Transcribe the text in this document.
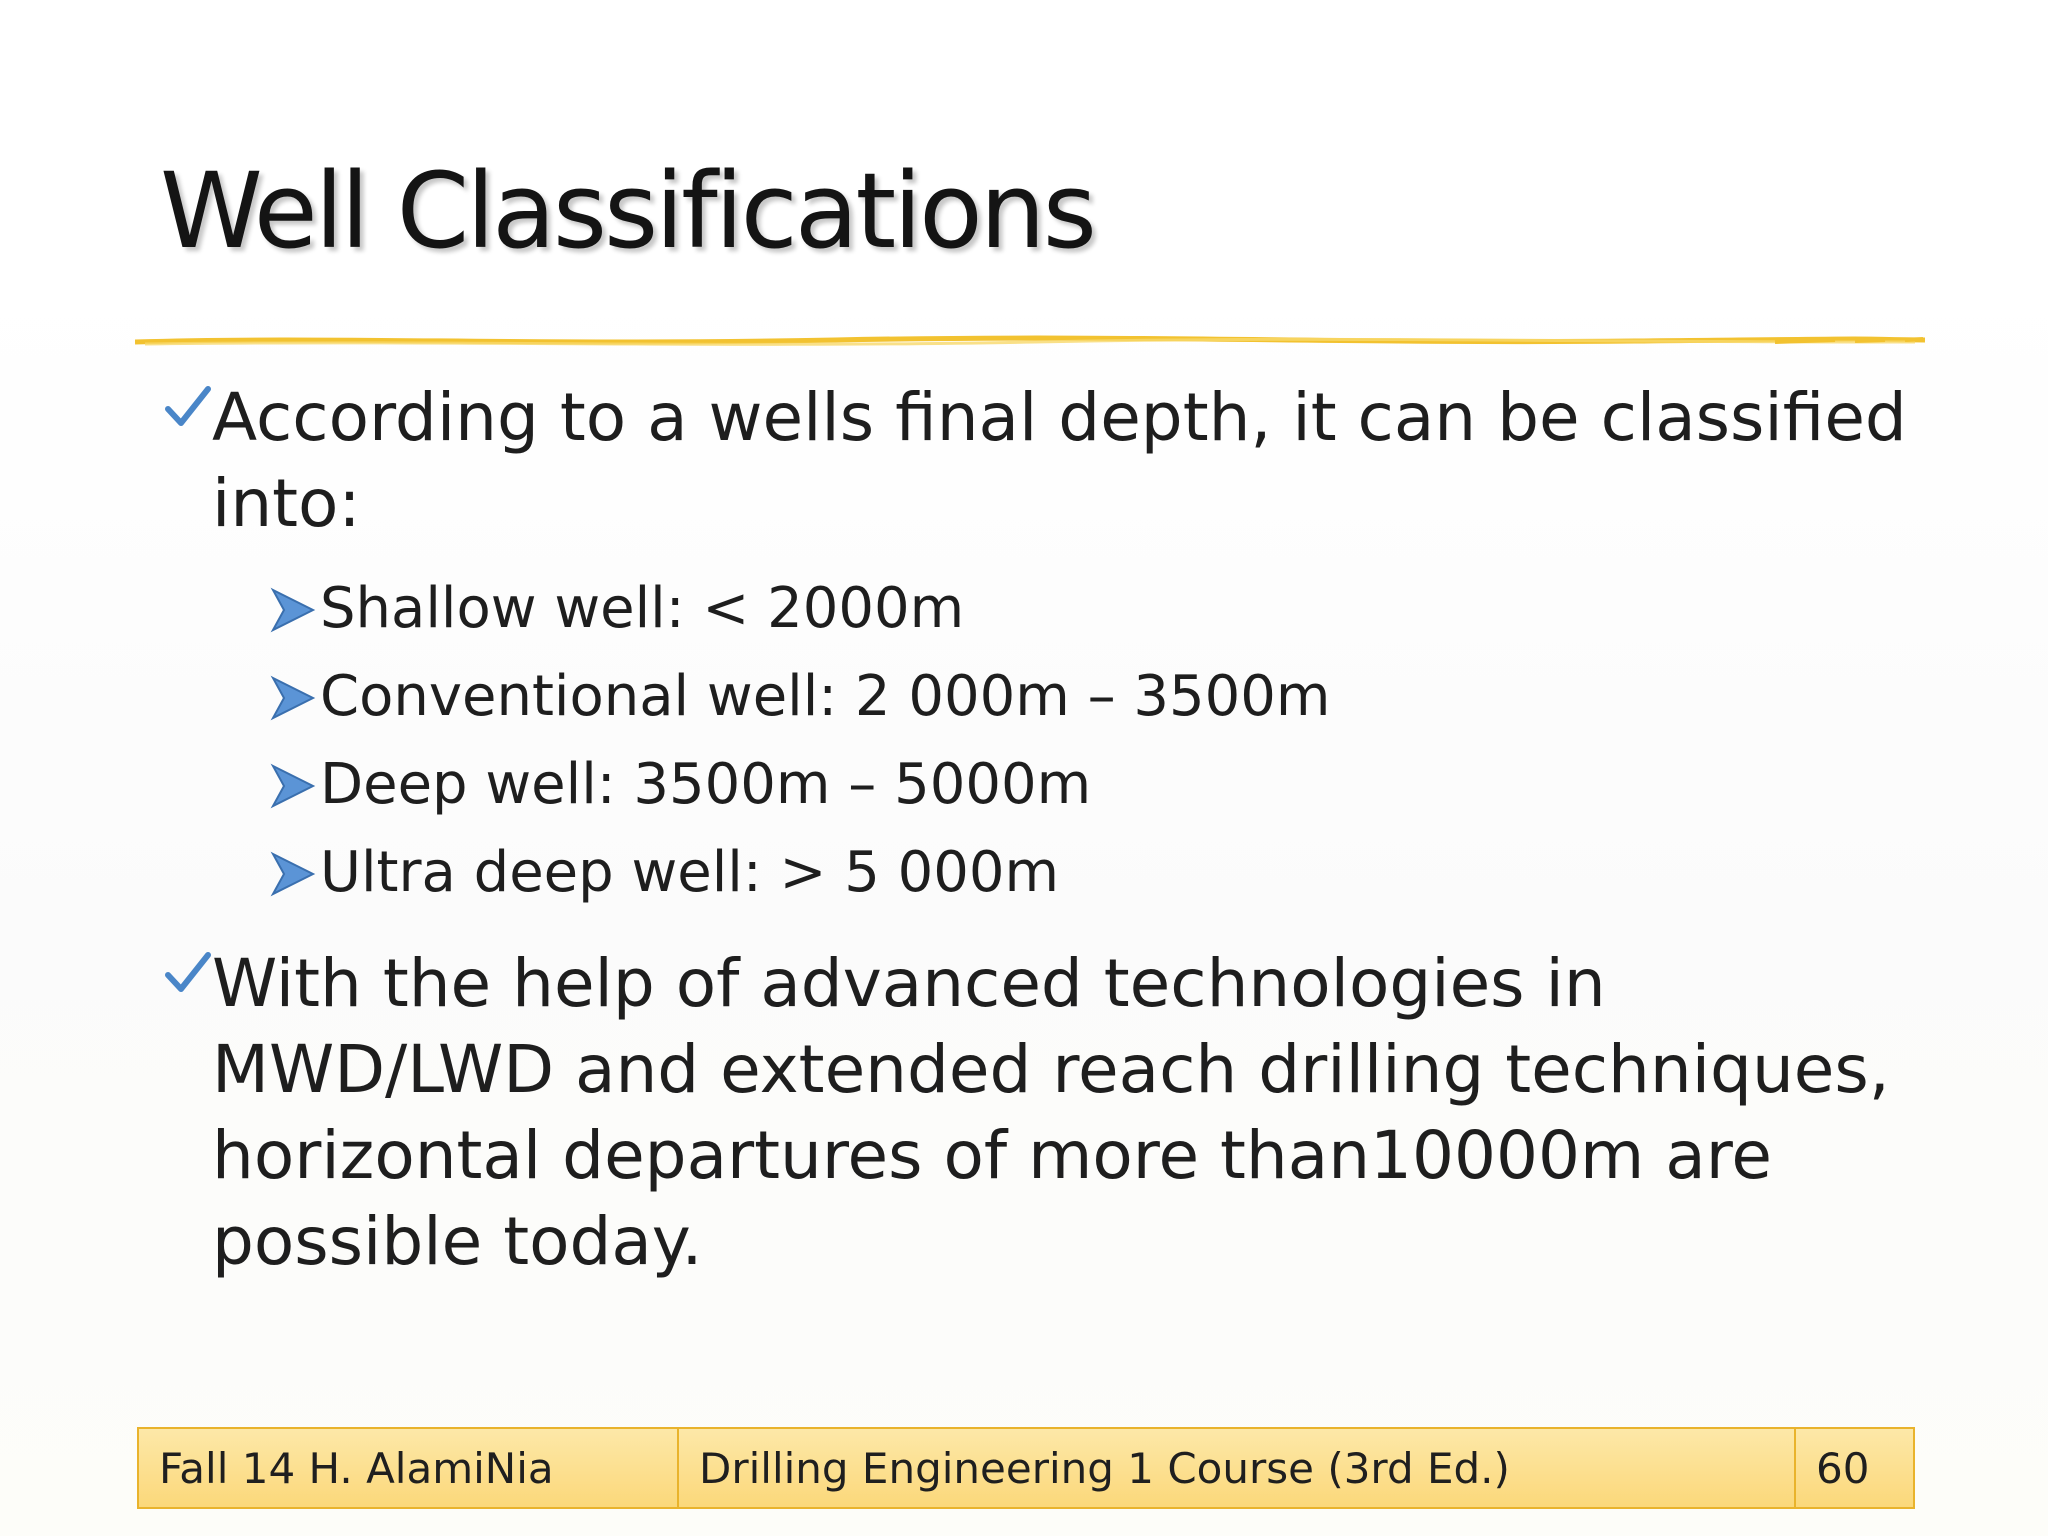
Well Classifications
According to a wells final depth, it can be classified into:
Shallow well: < 2000m
Conventional well: 2 000m – 3500m
Deep well: 3500m – 5000m
Ultra deep well: > 5 000m
With the help of advanced technologies in MWD/LWD and extended reach drilling techniques, horizontal departures of more than10000m are possible today.
Fall 14 H. AlamiNia	Drilling Engineering 1 Course (3rd Ed.)	60
